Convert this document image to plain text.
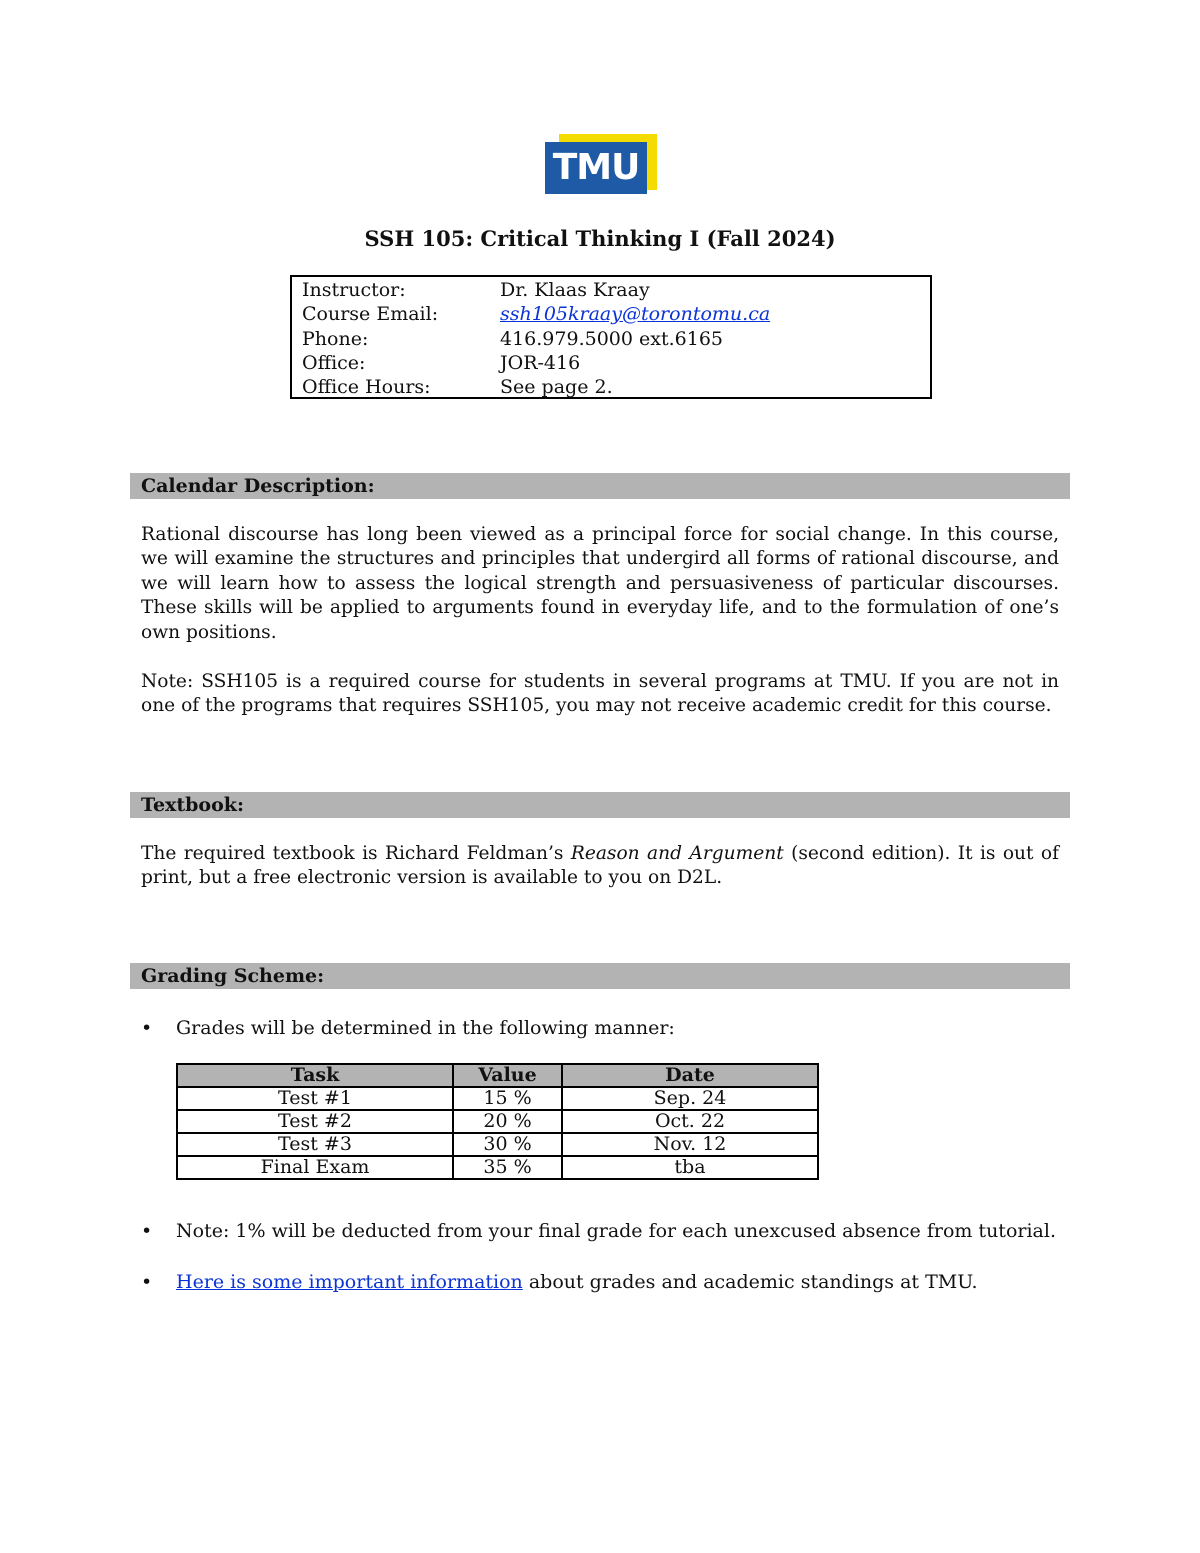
TMU
SSH 105: Critical Thinking I (Fall 2024)
Instructor:	Dr. Klaas Kraay
Course Email:	ssh105kraay@torontomu.ca
Phone:	416.979.5000 ext.6165
Office:	JOR-416
Office Hours:	See page 2.
Calendar Description:

Rational discourse has long been viewed as a principal force for social change. In this course, we will examine the structures and principles that undergird all forms of rational discourse, and we will learn how to assess the logical strength and persuasiveness of particular discourses. These skills will be applied to arguments found in everyday life, and to the formulation of one’s own positions.

Note: SSH105 is a required course for students in several programs at TMU. If you are not in one of the programs that requires SSH105, you may not receive academic credit for this course.

Textbook:

The required textbook is Richard Feldman’s Reason and Argument (second edition). It is out of print, but a free electronic version is available to you on D2L.

Grading Scheme:
• Grades will be determined in the following manner:
Task	Value	Date
Test #1	15 %	Sep. 24
Test #2	20 %	Oct. 22
Test #3	30 %	Nov. 12
Final Exam	35 %	tba
• Note: 1% will be deducted from your final grade for each unexcused absence from tutorial.
• Here is some important information about grades and academic standings at TMU.
